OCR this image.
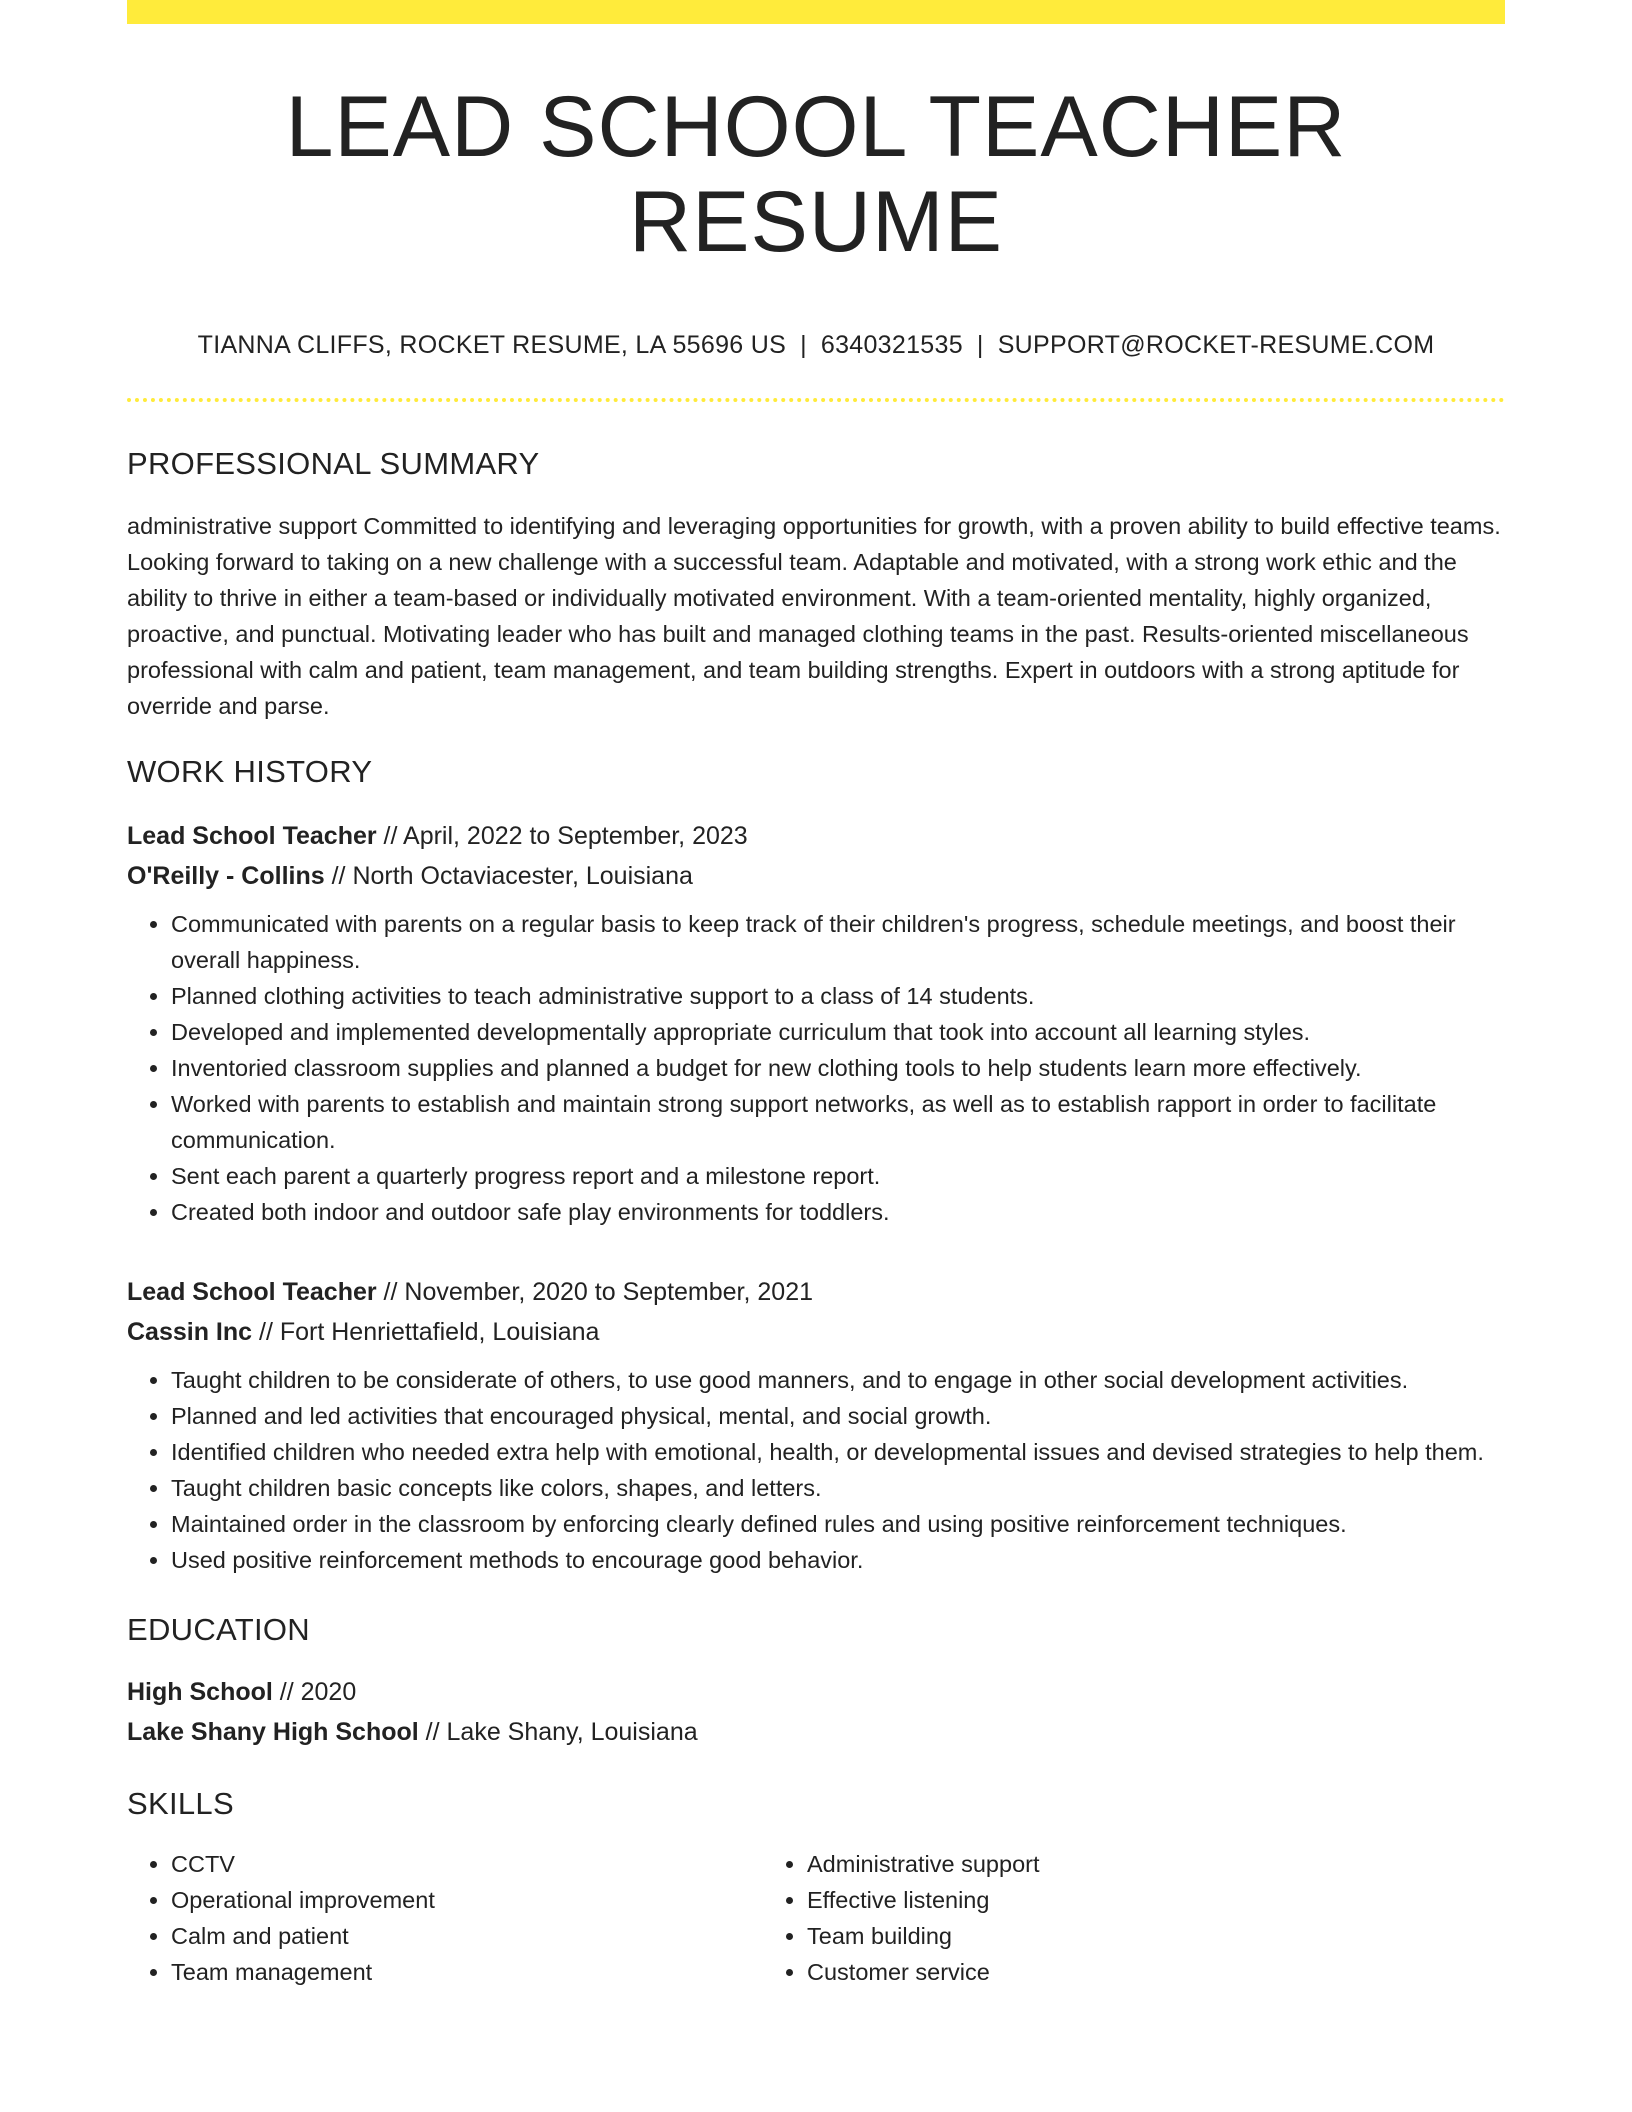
LEAD SCHOOL TEACHER RESUME
TIANNA CLIFFS, ROCKET RESUME, LA 55696 US | 6340321535 | SUPPORT@ROCKET-RESUME.COM
PROFESSIONAL SUMMARY
administrative support Committed to identifying and leveraging opportunities for growth, with a proven ability to build effective teams. Looking forward to taking on a new challenge with a successful team. Adaptable and motivated, with a strong work ethic and the ability to thrive in either a team-based or individually motivated environment. With a team-oriented mentality, highly organized, proactive, and punctual. Motivating leader who has built and managed clothing teams in the past. Results-oriented miscellaneous professional with calm and patient, team management, and team building strengths. Expert in outdoors with a strong aptitude for override and parse.
WORK HISTORY
Lead School Teacher // April, 2022 to September, 2023
O'Reilly - Collins // North Octaviacester, Louisiana
• Communicated with parents on a regular basis to keep track of their children's progress, schedule meetings, and boost their overall happiness.
• Planned clothing activities to teach administrative support to a class of 14 students.
• Developed and implemented developmentally appropriate curriculum that took into account all learning styles.
• Inventoried classroom supplies and planned a budget for new clothing tools to help students learn more effectively.
• Worked with parents to establish and maintain strong support networks, as well as to establish rapport in order to facilitate communication.
• Sent each parent a quarterly progress report and a milestone report.
• Created both indoor and outdoor safe play environments for toddlers.
Lead School Teacher // November, 2020 to September, 2021
Cassin Inc // Fort Henriettafield, Louisiana
• Taught children to be considerate of others, to use good manners, and to engage in other social development activities.
• Planned and led activities that encouraged physical, mental, and social growth.
• Identified children who needed extra help with emotional, health, or developmental issues and devised strategies to help them.
• Taught children basic concepts like colors, shapes, and letters.
• Maintained order in the classroom by enforcing clearly defined rules and using positive reinforcement techniques.
• Used positive reinforcement methods to encourage good behavior.
EDUCATION
High School // 2020
Lake Shany High School // Lake Shany, Louisiana
SKILLS
• CCTV
• Operational improvement
• Calm and patient
• Team management
• Administrative support
• Effective listening
• Team building
• Customer service
